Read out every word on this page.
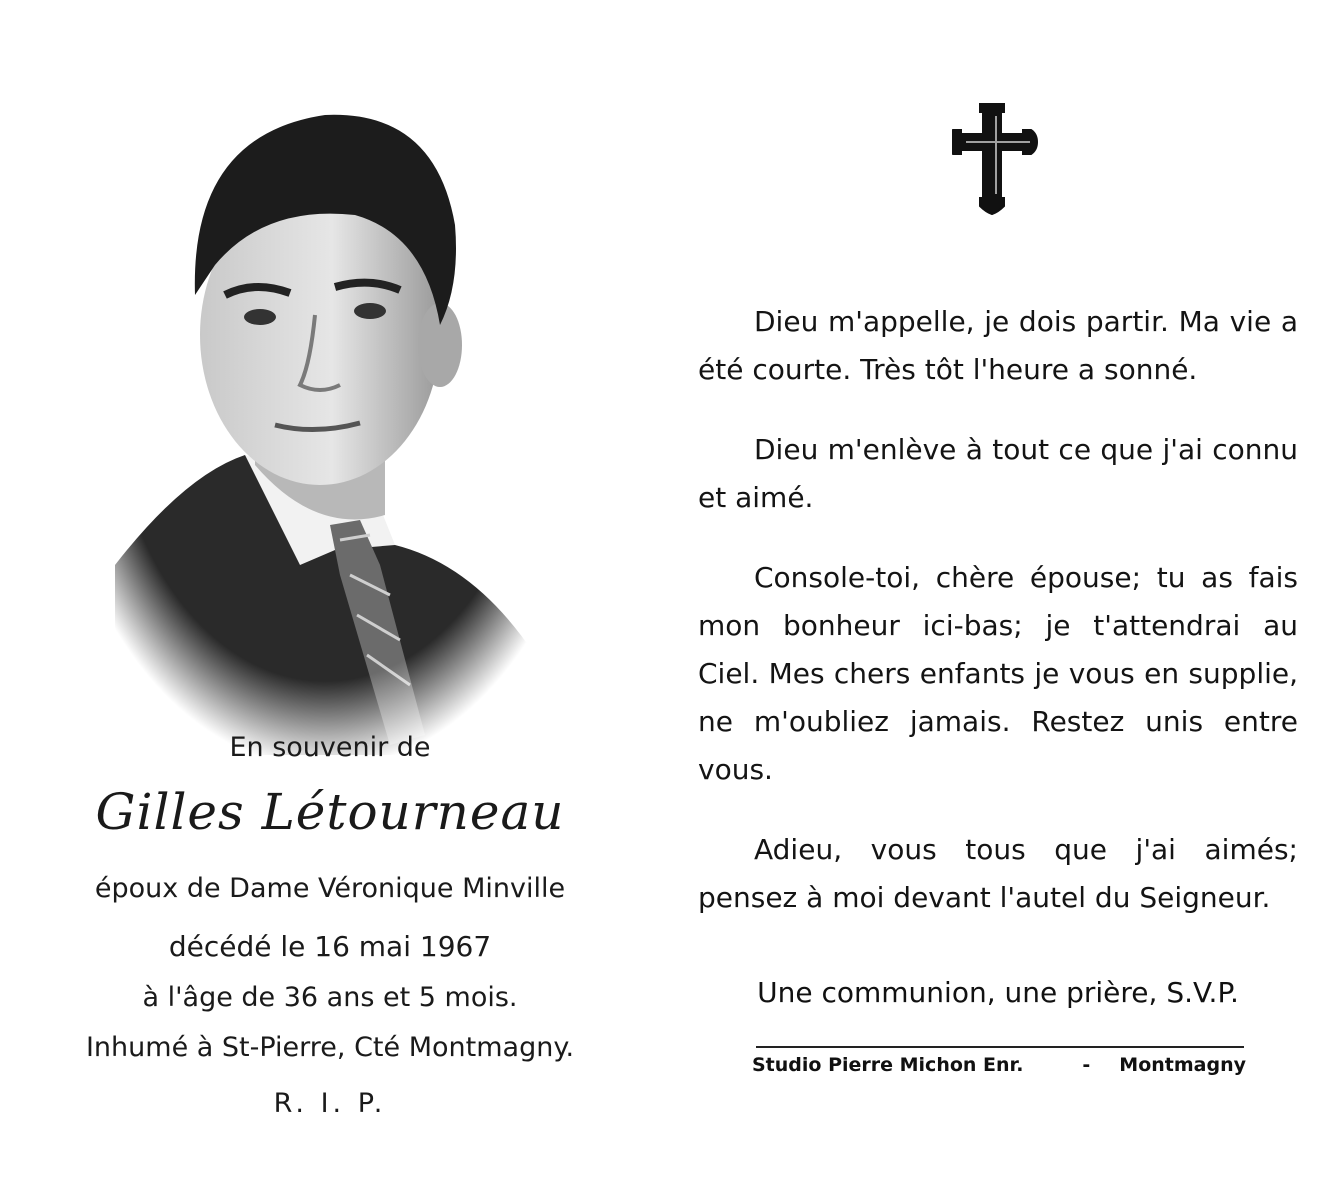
En souvenir de
Gilles Létourneau
époux de Dame Véronique Minville
décédé le 16 mai 1967
à l'âge de 36 ans et 5 mois.
Inhumé à St-Pierre, Cté Montmagny.
R. I. P.

Dieu m'appelle, je dois partir. Ma vie a été courte. Très tôt l'heure a sonné.

Dieu m'enlève à tout ce que j'ai connu et aimé.

Console-toi, chère épouse; tu as fais mon bonheur ici-bas; je t'attendrai au Ciel. Mes chers enfants je vous en supplie, ne m'oubliez jamais. Restez unis entre vous.

Adieu, vous tous que j'ai aimés; pensez à moi devant l'autel du Seigneur.

Une communion, une prière, S.V.P.
Studio Pierre Michon Enr.	- Montmagny
